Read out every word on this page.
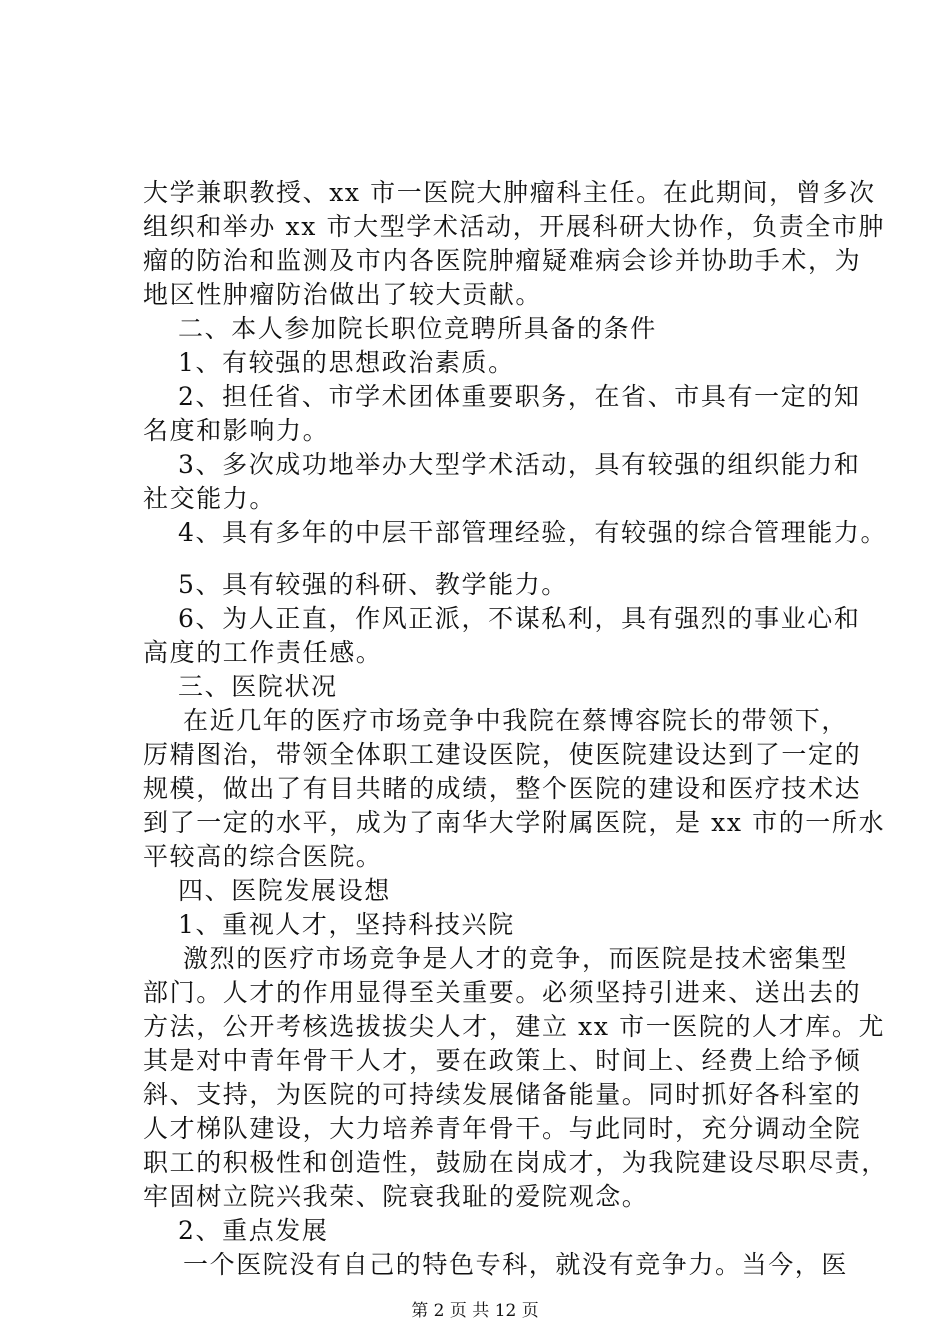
大学兼职教授、xx 市一医院大肿瘤科主任。在此期间，曾多次
组织和举办 xx 市大型学术活动，开展科研大协作，负责全市肿
瘤的防治和监测及市内各医院肿瘤疑难病会诊并协助手术，为
地区性肿瘤防治做出了较大贡献。
二、本人参加院长职位竞聘所具备的条件
1、有较强的思想政治素质。
2、担任省、市学术团体重要职务，在省、市具有一定的知
名度和影响力。
3、多次成功地举办大型学术活动，具有较强的组织能力和
社交能力。
4、具有多年的中层干部管理经验，有较强的综合管理能力。
5、具有较强的科研、教学能力。
6、为人正直，作风正派，不谋私利，具有强烈的事业心和
高度的工作责任感。
三、医院状况
在近几年的医疗市场竞争中我院在蔡博容院长的带领下，
厉精图治，带领全体职工建设医院，使医院建设达到了一定的
规模，做出了有目共睹的成绩，整个医院的建设和医疗技术达
到了一定的水平，成为了南华大学附属医院，是 xx 市的一所水
平较高的综合医院。
四、医院发展设想
1、重视人才，坚持科技兴院
激烈的医疗市场竞争是人才的竞争，而医院是技术密集型
部门。人才的作用显得至关重要。必须坚持引进来、送出去的
方法，公开考核选拔拔尖人才，建立 xx 市一医院的人才库。尤
其是对中青年骨干人才，要在政策上、时间上、经费上给予倾
斜、支持，为医院的可持续发展储备能量。同时抓好各科室的
人才梯队建设，大力培养青年骨干。与此同时，充分调动全院
职工的积极性和创造性，鼓励在岗成才，为我院建设尽职尽责，
牢固树立院兴我荣、院衰我耻的爱院观念。
2、重点发展
一个医院没有自己的特色专科，就没有竞争力。当今，医
第 2 页 共 12 页
